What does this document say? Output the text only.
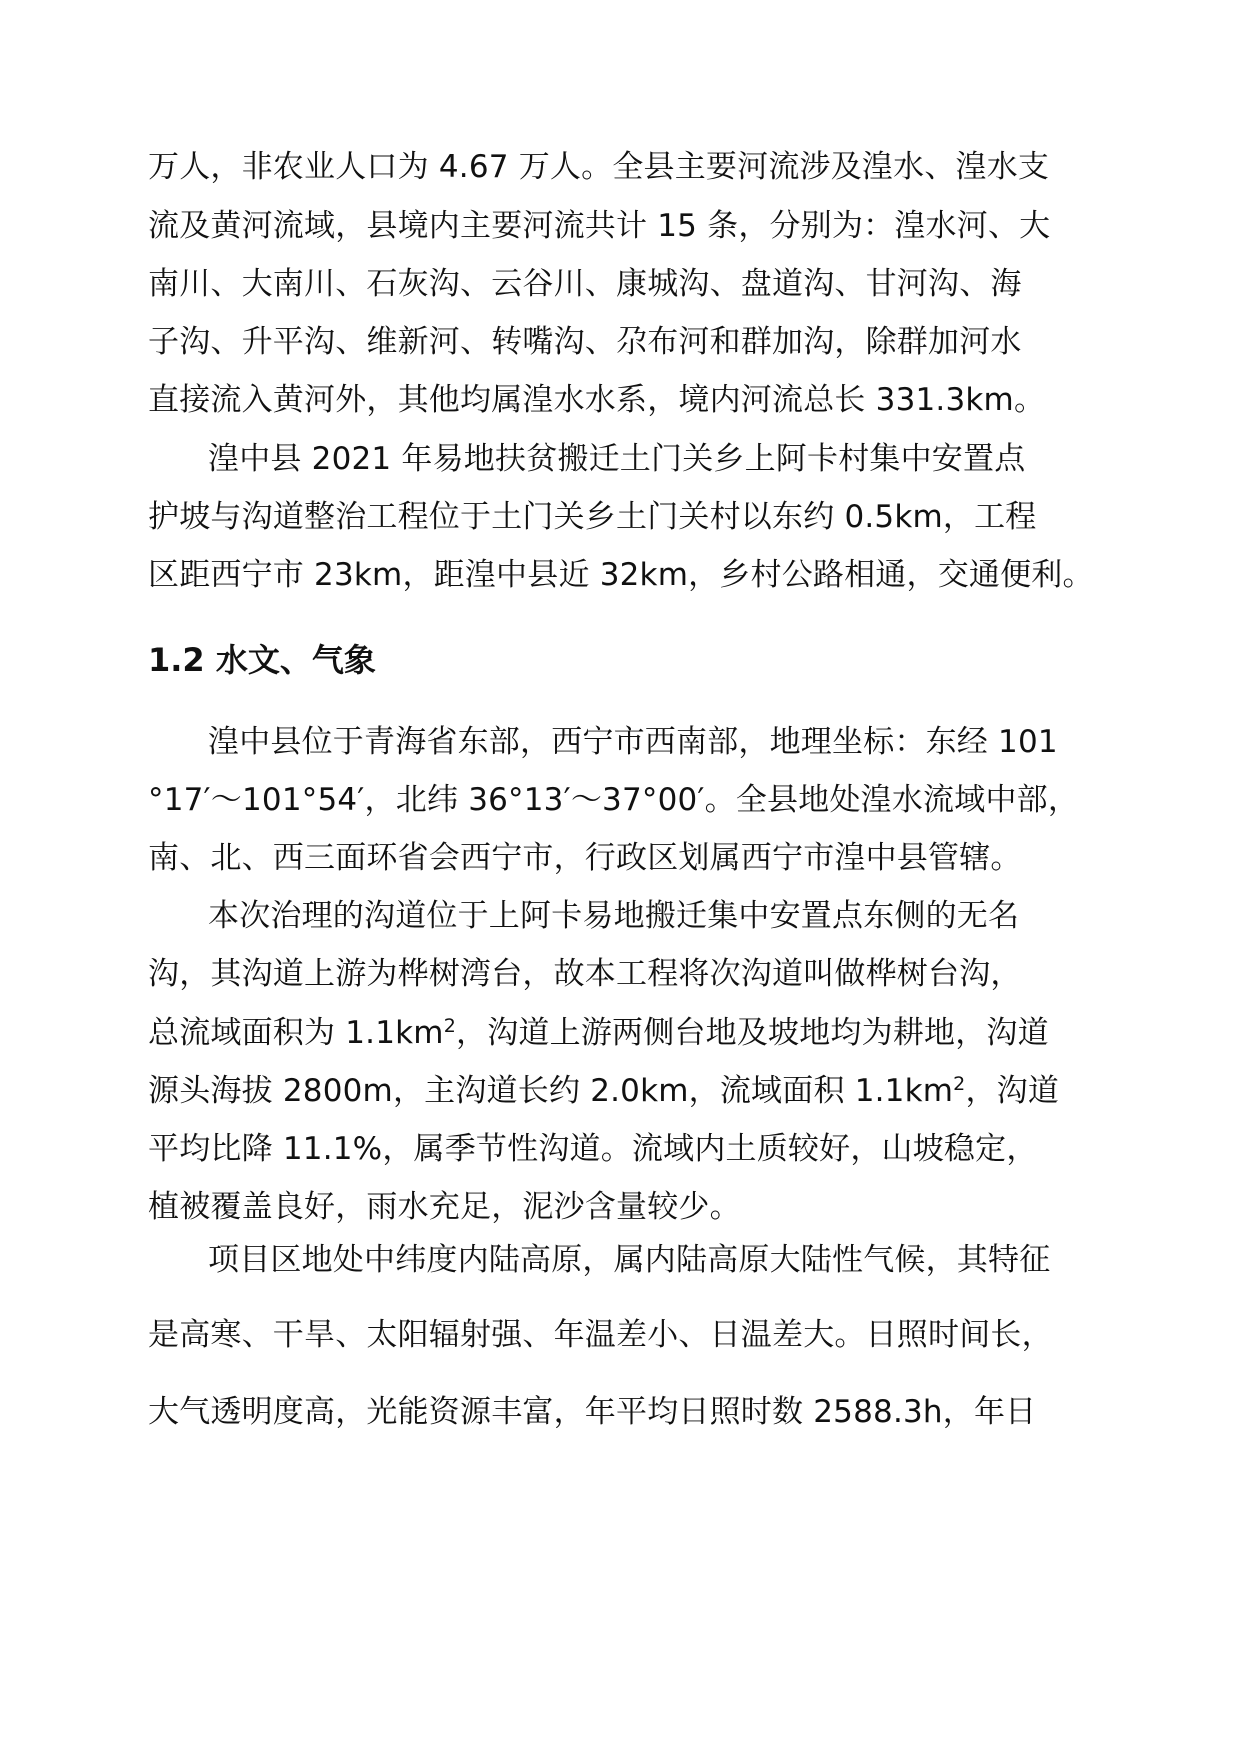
万人，非农业人口为 4.67 万人。全县主要河流涉及湟水、湟水支
流及黄河流域，县境内主要河流共计 15 条，分别为：湟水河、大
南川、大南川、石灰沟、云谷川、康城沟、盘道沟、甘河沟、海
子沟、升平沟、维新河、转嘴沟、尕布河和群加沟，除群加河水
直接流入黄河外，其他均属湟水水系，境内河流总长 331.3km。
湟中县 2021 年易地扶贫搬迁土门关乡上阿卡村集中安置点
护坡与沟道整治工程位于土门关乡土门关村以东约 0.5km，工程
区距西宁市 23km，距湟中县近 32km，乡村公路相通，交通便利。
1.2 水文、气象
湟中县位于青海省东部，西宁市西南部，地理坐标：东经 101
°17′～101°54′，北纬 36°13′～37°00′。全县地处湟水流域中部，
南、北、西三面环省会西宁市，行政区划属西宁市湟中县管辖。
本次治理的沟道位于上阿卡易地搬迁集中安置点东侧的无名
沟，其沟道上游为桦树湾台，故本工程将次沟道叫做桦树台沟，
总流域面积为 $1.1km^2$，沟道上游两侧台地及坡地均为耕地，沟道
源头海拔 2800m，主沟道长约 2.0km，流域面积 $1.1km^2$，沟道
平均比降 11.1%，属季节性沟道。流域内土质较好，山坡稳定，
植被覆盖良好，雨水充足，泥沙含量较少。
项目区地处中纬度内陆高原，属内陆高原大陆性气候，其特征
是高寒、干旱、太阳辐射强、年温差小、日温差大。日照时间长，
大气透明度高，光能资源丰富，年平均日照时数 2588.3h，年日
